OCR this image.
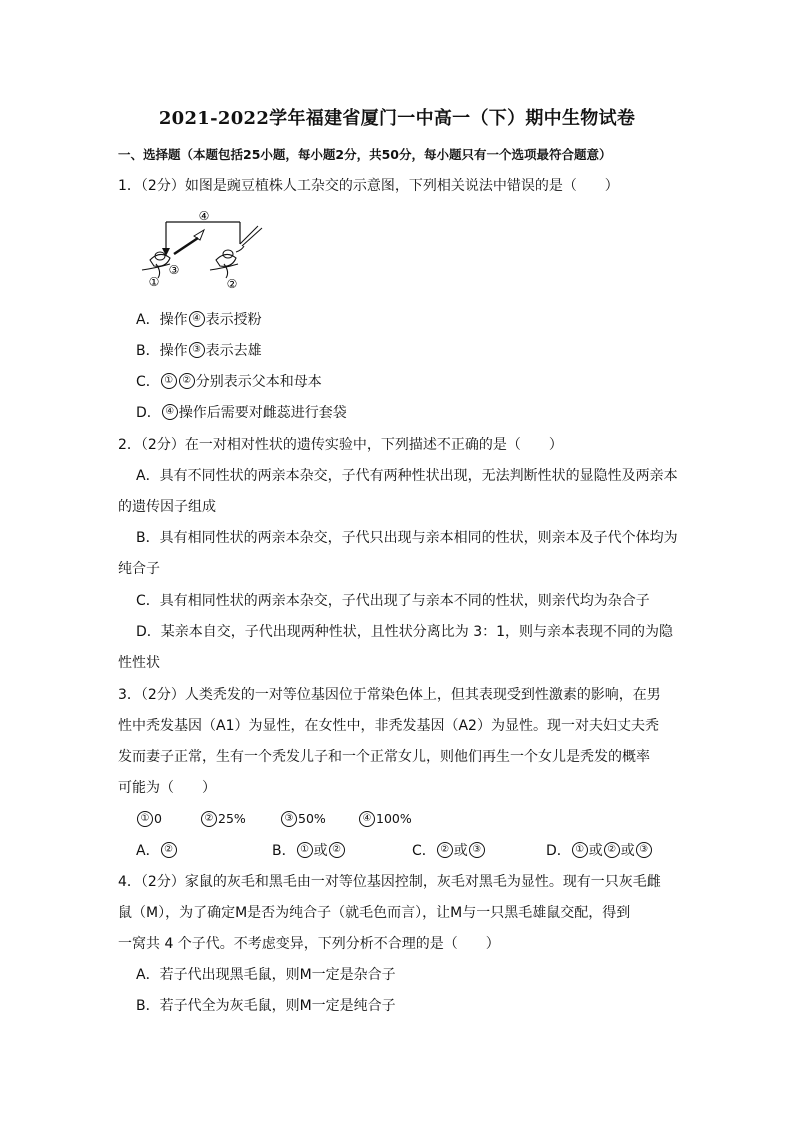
2021-2022学年福建省厦门一中高一（下）期中生物试卷
一、选择题（本题包括25小题，每小题2分，共50分，每小题只有一个选项最符合题意）
1．（2分）如图是豌豆植株人工杂交的示意图，下列相关说法中错误的是（　　）
④
③
①	②
A．操作 ④ 表示授粉
B．操作 ③ 表示去雄
C． ① ② 分别表示父本和母本
D． ④ 操作后需要对雌蕊进行套袋
2．（2分）在一对相对性状的遗传实验中，下列描述不正确的是（　　）
A．具有不同性状的两亲本杂交，子代有两种性状出现，无法判断性状的显隐性及两亲本
的遗传因子组成
B．具有相同性状的两亲本杂交，子代只出现与亲本相同的性状，则亲本及子代个体均为
纯合子
C．具有相同性状的两亲本杂交，子代出现了与亲本不同的性状，则亲代均为杂合子
D．某亲本自交，子代出现两种性状，且性状分离比为 3：1，则与亲本表现不同的为隐
性性状
3．（2分）人类秃发的一对等位基因位于常染色体上，但其表现受到性激素的影响，在男
性中秃发基因（A1）为显性，在女性中，非秃发基因（A2）为显性。现一对夫妇丈夫秃
发而妻子正常，生有一个秃发儿子和一个正常女儿，则他们再生一个女儿是秃发的概率
可能为（　　）
① 0	② 25%	③ 50%	④ 100%
A． ②	B． ① 或 ②	C． ② 或 ③	D． ① 或 ② 或 ③
4．（2分）家鼠的灰毛和黑毛由一对等位基因控制，灰毛对黑毛为显性。现有一只灰毛雌
鼠（M），为了确定M是否为纯合子（就毛色而言），让M与一只黑毛雄鼠交配，得到
一窝共 4 个子代。不考虑变异，下列分析不合理的是（　　）
A．若子代出现黑毛鼠，则M一定是杂合子
B．若子代全为灰毛鼠，则M一定是纯合子
